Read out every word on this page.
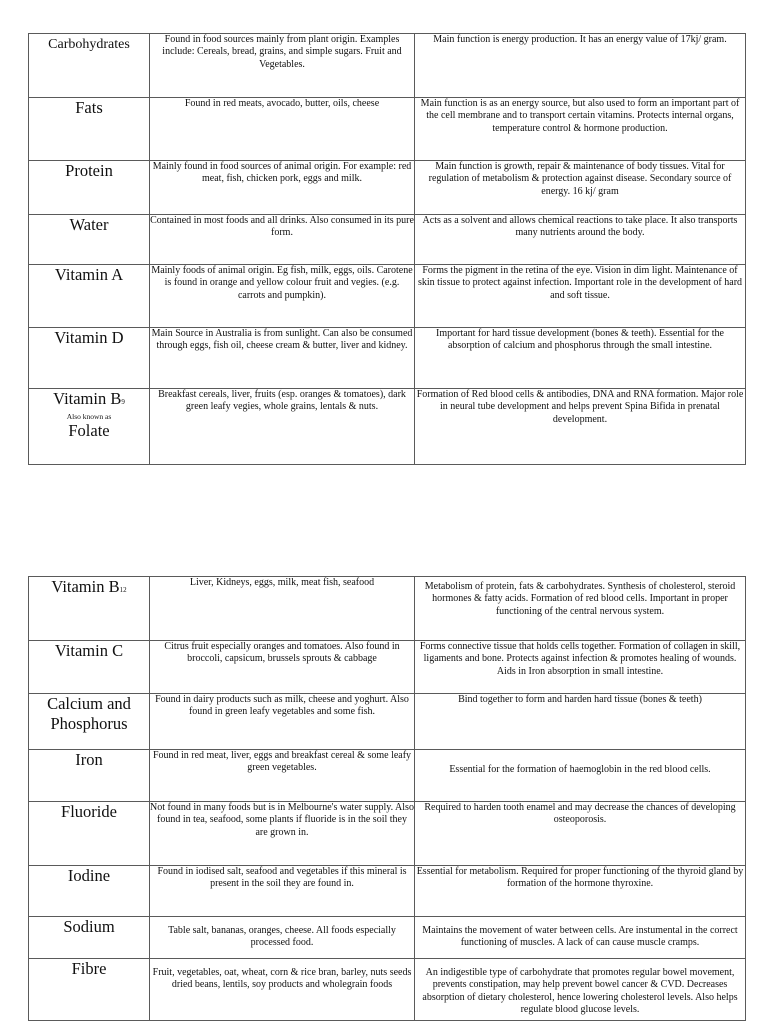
Carbohydrates	Found in food sources mainly from plant origin. Examples include: Cereals, bread, grains, and simple sugars. Fruit and Vegetables.	Main function is energy production. It has an energy value of 17kj/ gram.
Fats	Found in red meats, avocado, butter, oils, cheese	Main function is as an energy source, but also used to form an important part of the cell membrane and to transport certain vitamins. Protects internal organs, temperature control & hormone production.
Protein	Mainly found in food sources of animal origin. For example: red meat, fish, chicken pork, eggs and milk.	Main function is growth, repair & maintenance of body tissues. Vital for regulation of metabolism & protection against disease. Secondary source of energy. 16 kj/ gram
Water	Contained in most foods and all drinks. Also consumed in its pure form.	Acts as a solvent and allows chemical reactions to take place. It also transports many nutrients around the body.
Vitamin A	Mainly foods of animal origin. Eg fish, milk, eggs, oils. Carotene is found in orange and yellow colour fruit and vegies. (e.g. carrots and pumpkin).	Forms the pigment in the retina of the eye. Vision in dim light. Maintenance of skin tissue to protect against infection. Important role in the development of hard and soft tissue.
Vitamin D	Main Source in Australia is from sunlight. Can also be consumed through eggs, fish oil, cheese cream & butter, liver and kidney.	Important for hard tissue development (bones & teeth). Essential for the absorption of calcium and phosphorus through the small intestine.
Vitamin B9
Also known as
Folate	Breakfast cereals, liver, fruits (esp. oranges & tomatoes), dark green leafy vegies, whole grains, lentals & nuts.	Formation of Red blood cells & antibodies, DNA and RNA formation. Major role in neural tube development and helps prevent Spina Bifida in prenatal development.
Vitamin B12	Liver, Kidneys, eggs, milk, meat fish, seafood	Metabolism of protein, fats & carbohydrates. Synthesis of cholesterol, steroid hormones & fatty acids. Formation of red blood cells. Important in proper functioning of the central nervous system.
Vitamin C	Citrus fruit especially oranges and tomatoes. Also found in broccoli, capsicum, brussels sprouts & cabbage	Forms connective tissue that holds cells together. Formation of collagen in skill, ligaments and bone. Protects against infection & promotes healing of wounds. Aids in Iron absorption in small intestine.
Calcium and Phosphorus	Found in dairy products such as milk, cheese and yoghurt. Also found in green leafy vegetables and some fish.	Bind together to form and harden hard tissue (bones & teeth)
Iron	Found in red meat, liver, eggs and breakfast cereal & some leafy green vegetables.	Essential for the formation of haemoglobin in the red blood cells.
Fluoride	Not found in many foods but is in Melbourne's water supply. Also found in tea, seafood, some plants if fluoride is in the soil they are grown in.	Required to harden tooth enamel and may decrease the chances of developing osteoporosis.
Iodine	Found in iodised salt, seafood and vegetables if this mineral is present in the soil they are found in.	Essential for metabolism. Required for proper functioning of the thyroid gland by formation of the hormone thyroxine.
Sodium	Table salt, bananas, oranges, cheese. All foods especially processed food.	Maintains the movement of water between cells. Are instumental in the correct functioning of muscles. A lack of can cause muscle cramps.
Fibre	Fruit, vegetables, oat, wheat, corn & rice bran, barley, nuts seeds dried beans, lentils, soy products and wholegrain foods	An indigestible type of carbohydrate that promotes regular bowel movement, prevents constipation, may help prevent bowel cancer & CVD. Decreases absorption of dietary cholesterol, hence lowering cholesterol levels. Also helps regulate blood glucose levels.
